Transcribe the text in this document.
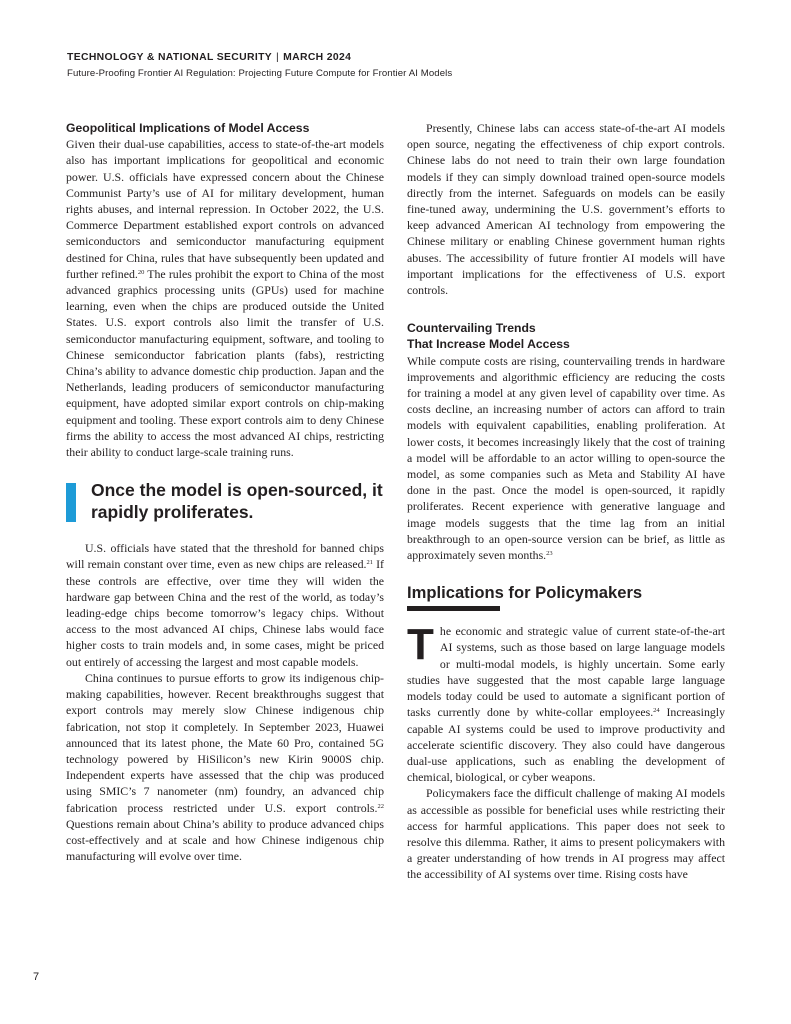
TECHNOLOGY & NATIONAL SECURITY | MARCH 2024
Future-Proofing Frontier AI Regulation: Projecting Future Compute for Frontier AI Models
Geopolitical Implications of Model Access

Given their dual-use capabilities, access to state-of-the-art models also has important implications for geopolitical and economic power. U.S. officials have expressed concern about the Chinese Communist Party’s use of AI for military development, human rights abuses, and internal repression. In October 2022, the U.S. Commerce Department established export controls on advanced semiconductors and semiconductor manufacturing equipment destined for China, rules that have subsequently been updated and further refined.$^{20}$ The rules prohibit the export to China of the most advanced graphics processing units (GPUs) used for machine learning, even when the chips are produced outside the United States. U.S. export controls also limit the transfer of U.S. semiconductor manufacturing equipment, software, and tooling to Chinese semiconductor fabrication plants (fabs), restricting China’s ability to advance domestic chip production. Japan and the Netherlands, leading producers of semiconductor manufacturing equipment, have adopted similar export controls on chip-making equipment and tooling. These export controls aim to deny Chinese firms the ability to access the most advanced AI chips, restricting their ability to conduct large-scale training runs.

Once the model is open-sourced, it rapidly proliferates.

U.S. officials have stated that the threshold for banned chips will remain constant over time, even as new chips are released.$^{21}$ If these controls are effective, over time they will widen the hardware gap between China and the rest of the world, as today’s leading-edge chips become tomorrow’s legacy chips. Without access to the most advanced AI chips, Chinese labs would face higher costs to train models and, in some cases, might be priced out entirely of accessing the largest and most capable models.

China continues to pursue efforts to grow its indigenous chip-making capabilities, however. Recent breakthroughs suggest that export controls may merely slow Chinese indigenous chip fabrication, not stop it completely. In September 2023, Huawei announced that its latest phone, the Mate 60 Pro, contained 5G technology powered by HiSilicon’s new Kirin 9000S chip. Independent experts have assessed that the chip was produced using SMIC’s 7 nanometer (nm) foundry, an advanced chip fabrication process restricted under U.S. export controls.$^{22}$ Questions remain about China’s ability to produce advanced chips cost-effectively and at scale and how Chinese indigenous chip manufacturing will evolve over time.

Presently, Chinese labs can access state-of-the-art AI models open source, negating the effectiveness of chip export controls. Chinese labs do not need to train their own large foundation models if they can simply download trained open-source models directly from the internet. Safeguards on models can be easily fine-tuned away, undermining the U.S. government’s efforts to keep advanced American AI technology from empowering the Chinese military or enabling Chinese government human rights abuses. The accessibility of future frontier AI models will have important implications for the effectiveness of U.S. export controls.

Countervailing Trends
That Increase Model Access

While compute costs are rising, countervailing trends in hardware improvements and algorithmic efficiency are reducing the costs for training a model at any given level of capability over time. As costs decline, an increasing number of actors can afford to train models with equivalent capabilities, enabling proliferation. At lower costs, it becomes increasingly likely that the cost of training a model will be affordable to an actor willing to open-source the model, as some companies such as Meta and Stability AI have done in the past. Once the model is open-sourced, it rapidly proliferates. Recent experience with generative language and image models suggests that the time lag from an initial breakthrough to an open-source version can be brief, as little as approximately seven months.$^{23}$

Implications for Policymakers

The economic and strategic value of current state-of-the-art AI systems, such as those based on large language models or multi-modal models, is highly uncertain. Some early studies have suggested that the most capable large language models today could be used to automate a significant portion of tasks currently done by white-collar employees.$^{24}$ Increasingly capable AI systems could be used to improve productivity and accelerate scientific discovery. They also could have dangerous dual-use applications, such as enabling the development of chemical, biological, or cyber weapons.

Policymakers face the difficult challenge of making AI models as accessible as possible for beneficial uses while restricting their access for harmful applications. This paper does not seek to resolve this dilemma. Rather, it aims to present policymakers with a greater understanding of how trends in AI progress may affect the accessibility of AI systems over time. Rising costs have

7
